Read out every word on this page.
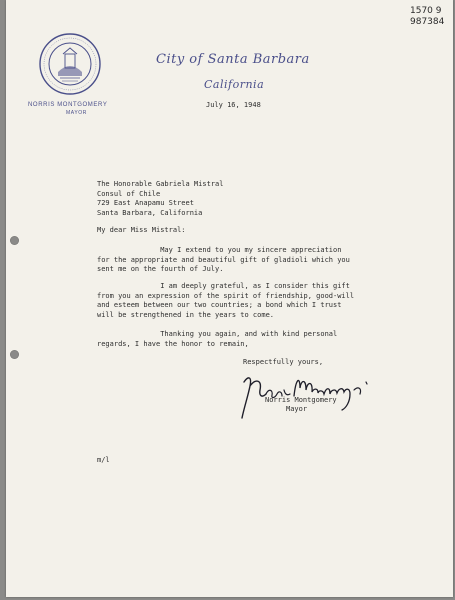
NORRIS MONTGOMERY
MAYOR
City of Santa Barbara
California
1570 9
987384
July 16, 1948
The Honorable Gabriela Mistral
Consul of Chile
729 East Anapamu Street
Santa Barbara, California
My dear Miss Mistral:
May I extend to you my sincere appreciation
for the appropriate and beautiful gift of gladioli which you
sent me on the fourth of July.
I am deeply grateful, as I consider this gift
from you an expression of the spirit of friendship, good-will
and esteem between our two countries; a bond which I trust
will be strengthened in the years to come.
Thanking you again, and with kind personal
regards, I have the honor to remain,
Respectfully yours,
Norris Montgomery
Mayor
m/l
